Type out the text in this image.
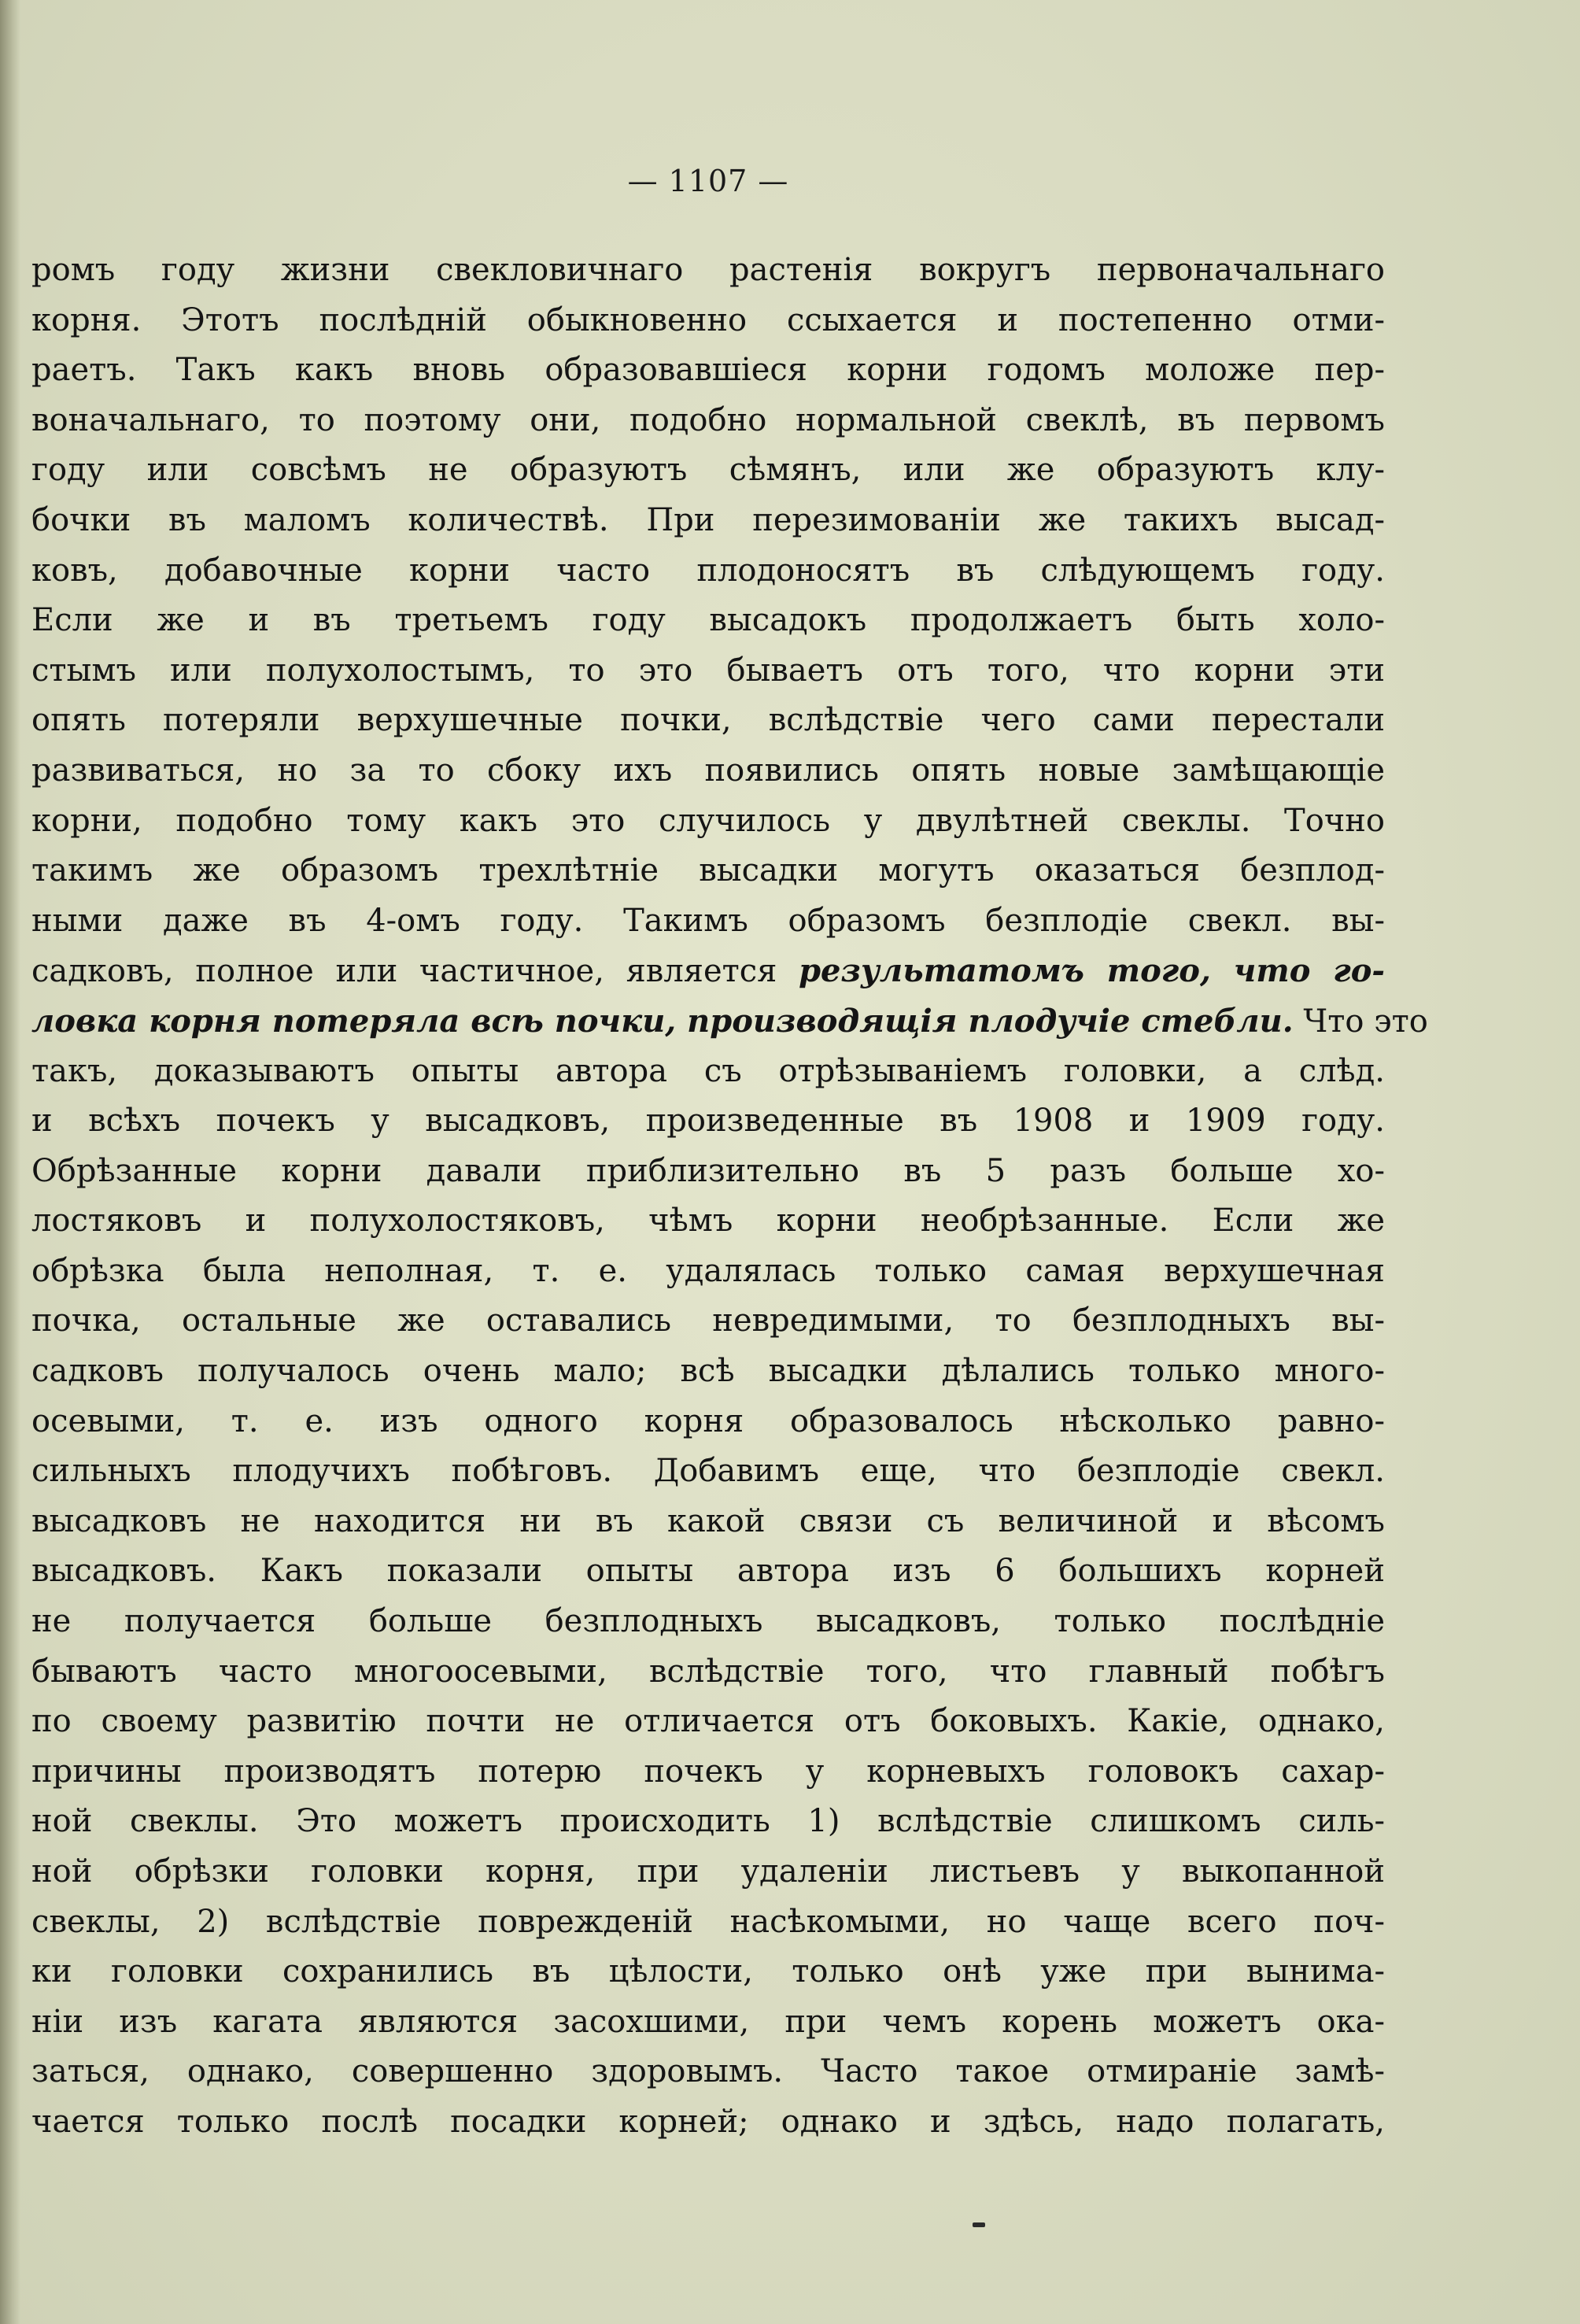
— 1107 —
ромъ году жизни свекловичнаго растенія вокругъ первоначальнаго
корня. Этотъ послѣдній обыкновенно ссыхается и постепенно отми-
раетъ. Такъ какъ вновь образовавшіеся корни годомъ моложе пер-
воначальнаго, то поэтому они, подобно нормальной свеклѣ, въ первомъ
году или совсѣмъ не образуютъ сѣмянъ, или же образуютъ клу-
бочки въ маломъ количествѣ. При перезимованіи же такихъ высад-
ковъ, добавочные корни часто плодоносятъ въ слѣдующемъ году.
Если же и въ третьемъ году высадокъ продолжаетъ быть холо-
стымъ или полухолостымъ, то это бываетъ отъ того, что корни эти
опять потеряли верхушечные почки, вслѣдствіе чего сами перестали
развиваться, но за то сбоку ихъ появились опять новые замѣщающіе
корни, подобно тому какъ это случилось у двулѣтней свеклы. Точно
такимъ же образомъ трехлѣтніе высадки могутъ оказаться безплод-
ными даже въ 4-омъ году. Такимъ образомъ безплодіе свекл. вы-
садковъ, полное или частичное, является результатомъ того, что го-
ловка корня потеряла всѣ почки, производящія плодучіе стебли. Что это
такъ, доказываютъ опыты автора съ отрѣзываніемъ головки, а слѣд.
и всѣхъ почекъ у высадковъ, произведенные въ 1908 и 1909 году.
Обрѣзанные корни давали приблизительно въ 5 разъ больше хо-
лостяковъ и полухолостяковъ, чѣмъ корни необрѣзанные. Если же
обрѣзка была неполная, т. е. удалялась только самая верхушечная
почка, остальные же оставались невредимыми, то безплодныхъ вы-
садковъ получалось очень мало; всѣ высадки дѣлались только много-
осевыми, т. е. изъ одного корня образовалось нѣсколько равно-
сильныхъ плодучихъ побѣговъ. Добавимъ еще, что безплодіе свекл.
высадковъ не находится ни въ какой связи съ величиной и вѣсомъ
высадковъ. Какъ показали опыты автора изъ 6 большихъ корней
не получается больше безплодныхъ высадковъ, только послѣдніе
бываютъ часто многоосевыми, вслѣдствіе того, что главный побѣгъ
по своему развитію почти не отличается отъ боковыхъ. Какіе, однако,
причины производятъ потерю почекъ у корневыхъ головокъ сахар-
ной свеклы. Это можетъ происходить 1) вслѣдствіе слишкомъ силь-
ной обрѣзки головки корня, при удаленіи листьевъ у выкопанной
свеклы, 2) вслѣдствіе поврежденій насѣкомыми, но чаще всего поч-
ки головки сохранились въ цѣлости, только онѣ уже при вынима-
ніи изъ кагата являются засохшими, при чемъ корень можетъ ока-
заться, однако, совершенно здоровымъ. Часто такое отмираніе замѣ-
чается только послѣ посадки корней; однако и здѣсь, надо полагать,
